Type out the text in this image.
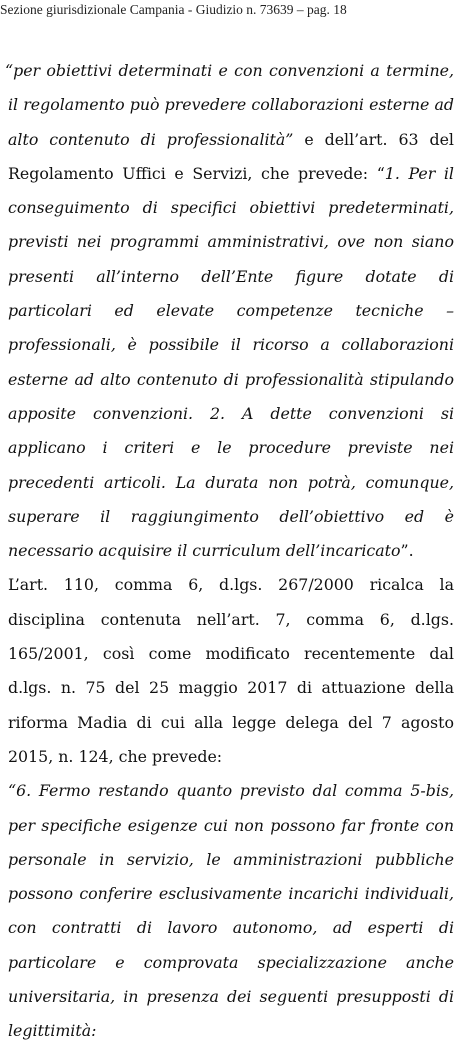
Sezione giurisdizionale Campania - Giudizio n. 73639 – pag. 18

“per obiettivi determinati e con convenzioni a termine, il regolamento può prevedere collaborazioni esterne ad alto contenuto di professionalità” e dell’art. 63 del Regolamento Uffici e Servizi, che prevede: “1. Per il conseguimento di specifici obiettivi predeterminati, previsti nei programmi amministrativi, ove non siano presenti all’interno dell’Ente figure dotate di particolari ed elevate competenze tecniche – professionali, è possibile il ricorso a collaborazioni esterne ad alto contenuto di professionalità stipulando apposite convenzioni. 2. A dette convenzioni si applicano i criteri e le procedure previste nei precedenti articoli. La durata non potrà, comunque, superare il raggiungimento dell’obiettivo ed è necessario acquisire il curriculum dell’incaricato”.

L’art. 110, comma 6, d.lgs. 267/2000 ricalca la disciplina contenuta nell’art. 7, comma 6, d.lgs. 165/2001, così come modificato recentemente dal d.lgs. n. 75 del 25 maggio 2017 di attuazione della riforma Madia di cui alla legge delega del 7 agosto 2015, n. 124, che prevede:

“6. Fermo restando quanto previsto dal comma 5-bis, per specifiche esigenze cui non possono far fronte con personale in servizio, le amministrazioni pubbliche possono conferire esclusivamente incarichi individuali, con contratti di lavoro autonomo, ad esperti di particolare e comprovata specializzazione anche universitaria, in presenza dei seguenti presupposti di legittimità:
